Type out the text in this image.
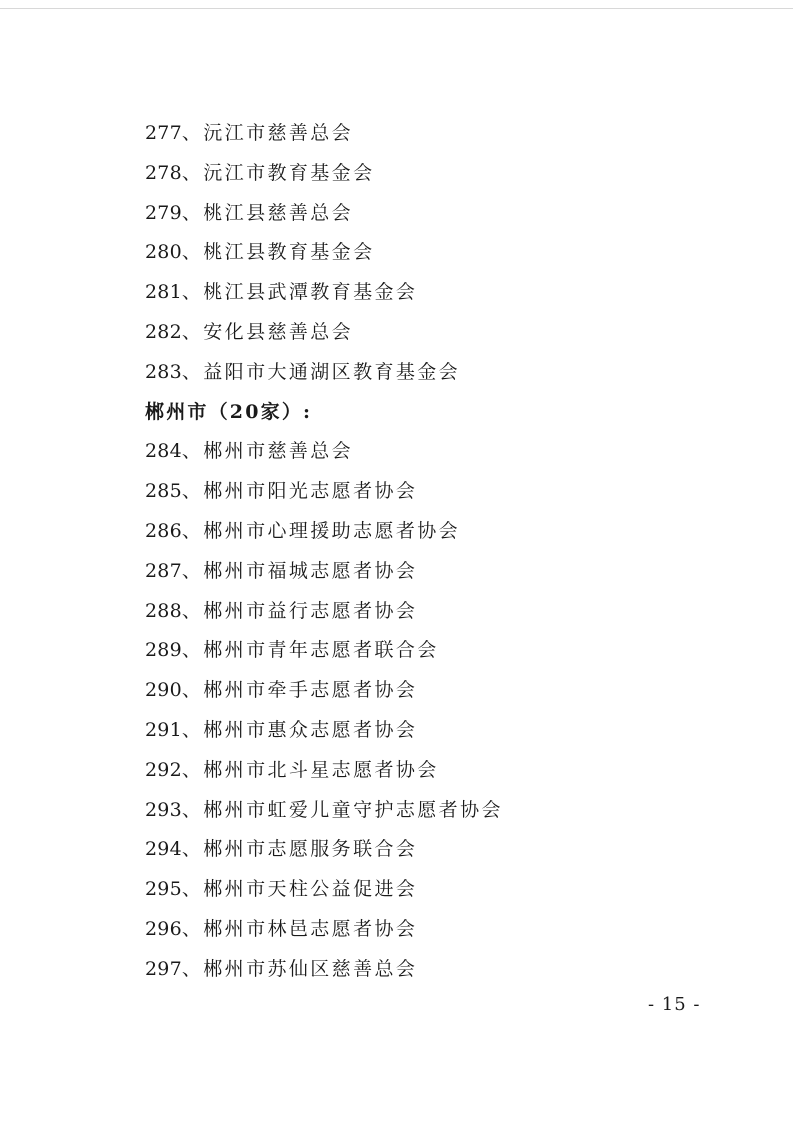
277、沅江市慈善总会
278、沅江市教育基金会
279、桃江县慈善总会
280、桃江县教育基金会
281、桃江县武潭教育基金会
282、安化县慈善总会
283、益阳市大通湖区教育基金会
郴州市（20家）:
284、郴州市慈善总会
285、郴州市阳光志愿者协会
286、郴州市心理援助志愿者协会
287、郴州市福城志愿者协会
288、郴州市益行志愿者协会
289、郴州市青年志愿者联合会
290、郴州市牵手志愿者协会
291、郴州市惠众志愿者协会
292、郴州市北斗星志愿者协会
293、郴州市虹爱儿童守护志愿者协会
294、郴州市志愿服务联合会
295、郴州市天柱公益促进会
296、郴州市林邑志愿者协会
297、郴州市苏仙区慈善总会
- 15 -
